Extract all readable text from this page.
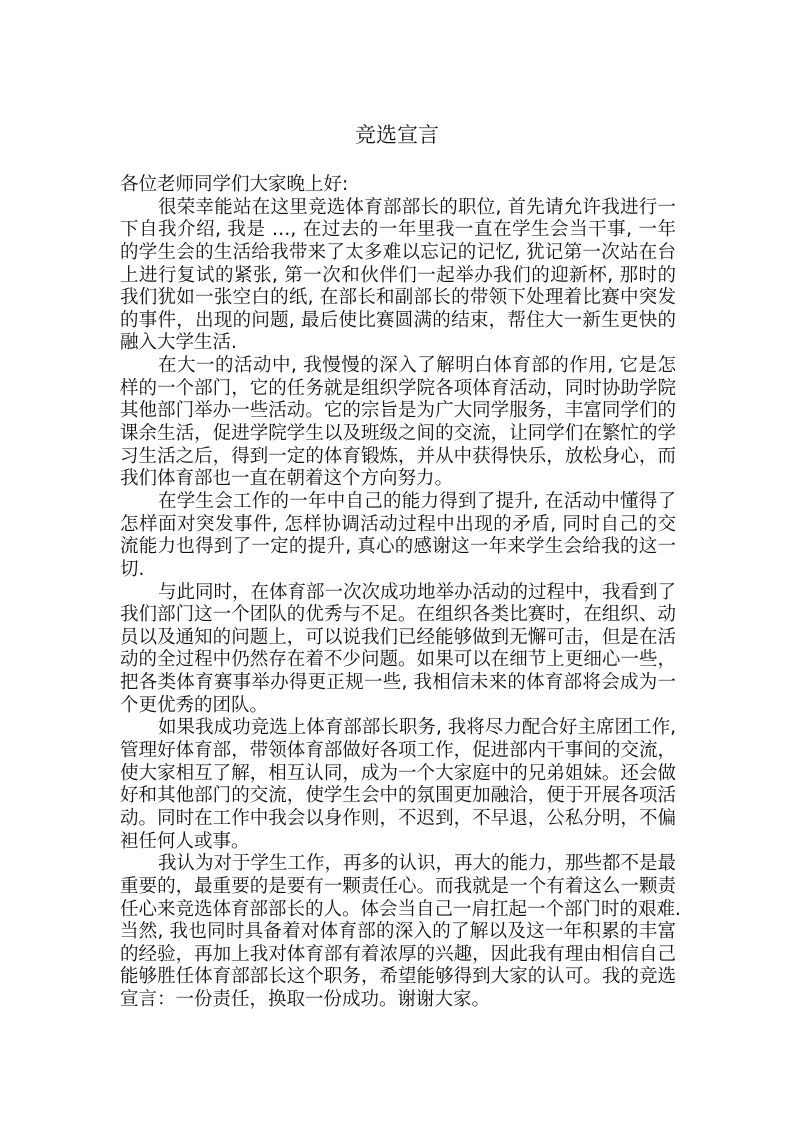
竞选宣言
各位老师同学们大家晚上好:
很荣幸能站在这里竞选体育部部长的职位, 首先请允许我进行一
下自我介绍, 我是 …, 在过去的一年里我一直在学生会当干事, 一年
的学生会的生活给我带来了太多难以忘记的记忆, 犹记第一次站在台
上进行复试的紧张, 第一次和伙伴们一起举办我们的迎新杯, 那时的
我们犹如一张空白的纸, 在部长和副部长的带领下处理着比赛中突发
的事件，出现的问题, 最后使比赛圆满的结束，帮住大一新生更快的
融入大学生活.
在大一的活动中, 我慢慢的深入了解明白体育部的作用, 它是怎
样的一个部门，它的任务就是组织学院各项体育活动，同时协助学院
其他部门举办一些活动。它的宗旨是为广大同学服务，丰富同学们的
课余生活，促进学院学生以及班级之间的交流，让同学们在繁忙的学
习生活之后，得到一定的体育锻炼，并从中获得快乐，放松身心，而
我们体育部也一直在朝着这个方向努力。
在学生会工作的一年中自己的能力得到了提升, 在活动中懂得了
怎样面对突发事件, 怎样协调活动过程中出现的矛盾, 同时自己的交
流能力也得到了一定的提升, 真心的感谢这一年来学生会给我的这一
切.
与此同时，在体育部一次次成功地举办活动的过程中，我看到了
我们部门这一个团队的优秀与不足。在组织各类比赛时，在组织、动
员以及通知的问题上，可以说我们已经能够做到无懈可击，但是在活
动的全过程中仍然存在着不少问题。如果可以在细节上更细心一些，
把各类体育赛事举办得更正规一些, 我相信未来的体育部将会成为一
个更优秀的团队。
如果我成功竞选上体育部部长职务, 我将尽力配合好主席团工作,
管理好体育部，带领体育部做好各项工作，促进部内干事间的交流，
使大家相互了解，相互认同，成为一个大家庭中的兄弟姐妹。还会做
好和其他部门的交流，使学生会中的氛围更加融洽，便于开展各项活
动。同时在工作中我会以身作则，不迟到，不早退，公私分明，不偏
袒任何人或事。
我认为对于学生工作，再多的认识，再大的能力，那些都不是最
重要的，最重要的是要有一颗责任心。而我就是一个有着这么一颗责
任心来竞选体育部部长的人。体会当自己一肩扛起一个部门时的艰难.
当然, 我也同时具备着对体育部的深入的了解以及这一年积累的丰富
的经验，再加上我对体育部有着浓厚的兴趣，因此我有理由相信自己
能够胜任体育部部长这个职务，希望能够得到大家的认可。我的竞选
宣言：一份责任，换取一份成功。谢谢大家。
